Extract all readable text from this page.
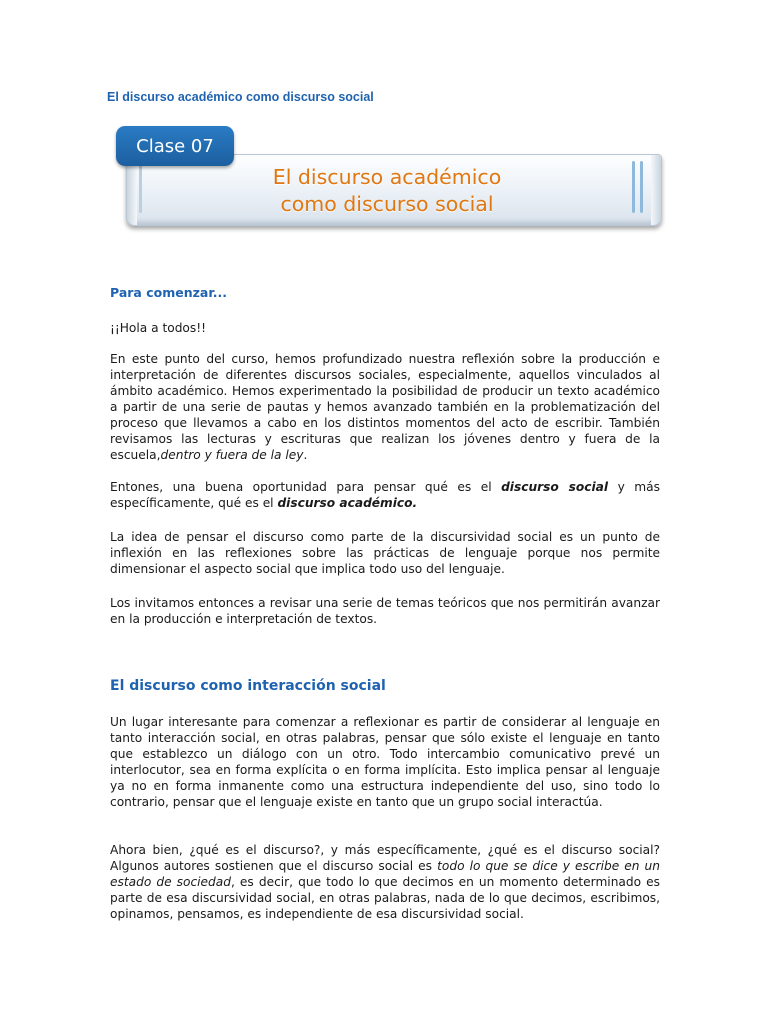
El discurso académico como discurso social
Clase 07
El discurso académico
como discurso social
Para comenzar...

¡¡Hola a todos!!

En este punto del curso, hemos profundizado nuestra reflexión sobre la producción e interpretación de diferentes discursos sociales, especialmente, aquellos vinculados al ámbito académico. Hemos experimentado la posibilidad de producir un texto académico a partir de una serie de pautas y hemos avanzado también en la problematización del proceso que llevamos a cabo en los distintos momentos del acto de escribir. También revisamos las lecturas y escrituras que realizan los jóvenes dentro y fuera de la escuela,dentro y fuera de la ley.

Entones, una buena oportunidad para pensar qué es el discurso social y más específicamente, qué es el discurso académico.

La idea de pensar el discurso como parte de la discursividad social es un punto de inflexión en las reflexiones sobre las prácticas de lenguaje porque nos permite dimensionar el aspecto social que implica todo uso del lenguaje.

Los invitamos entonces a revisar una serie de temas teóricos que nos permitirán avanzar en la producción e interpretación de textos.

El discurso como interacción social

Un lugar interesante para comenzar a reflexionar es partir de considerar al lenguaje en tanto interacción social, en otras palabras, pensar que sólo existe el lenguaje en tanto que establezco un diálogo con un otro. Todo intercambio comunicativo prevé un interlocutor, sea en forma explícita o en forma implícita. Esto implica pensar al lenguaje ya no en forma inmanente como una estructura independiente del uso, sino todo lo contrario, pensar que el lenguaje existe en tanto que un grupo social interactúa.

Ahora bien, ¿qué es el discurso?, y más específicamente, ¿qué es el discurso social? Algunos autores sostienen que el discurso social es todo lo que se dice y escribe en un estado de sociedad, es decir, que todo lo que decimos en un momento determinado es parte de esa discursividad social, en otras palabras, nada de lo que decimos, escribimos, opinamos, pensamos, es independiente de esa discursividad social.
